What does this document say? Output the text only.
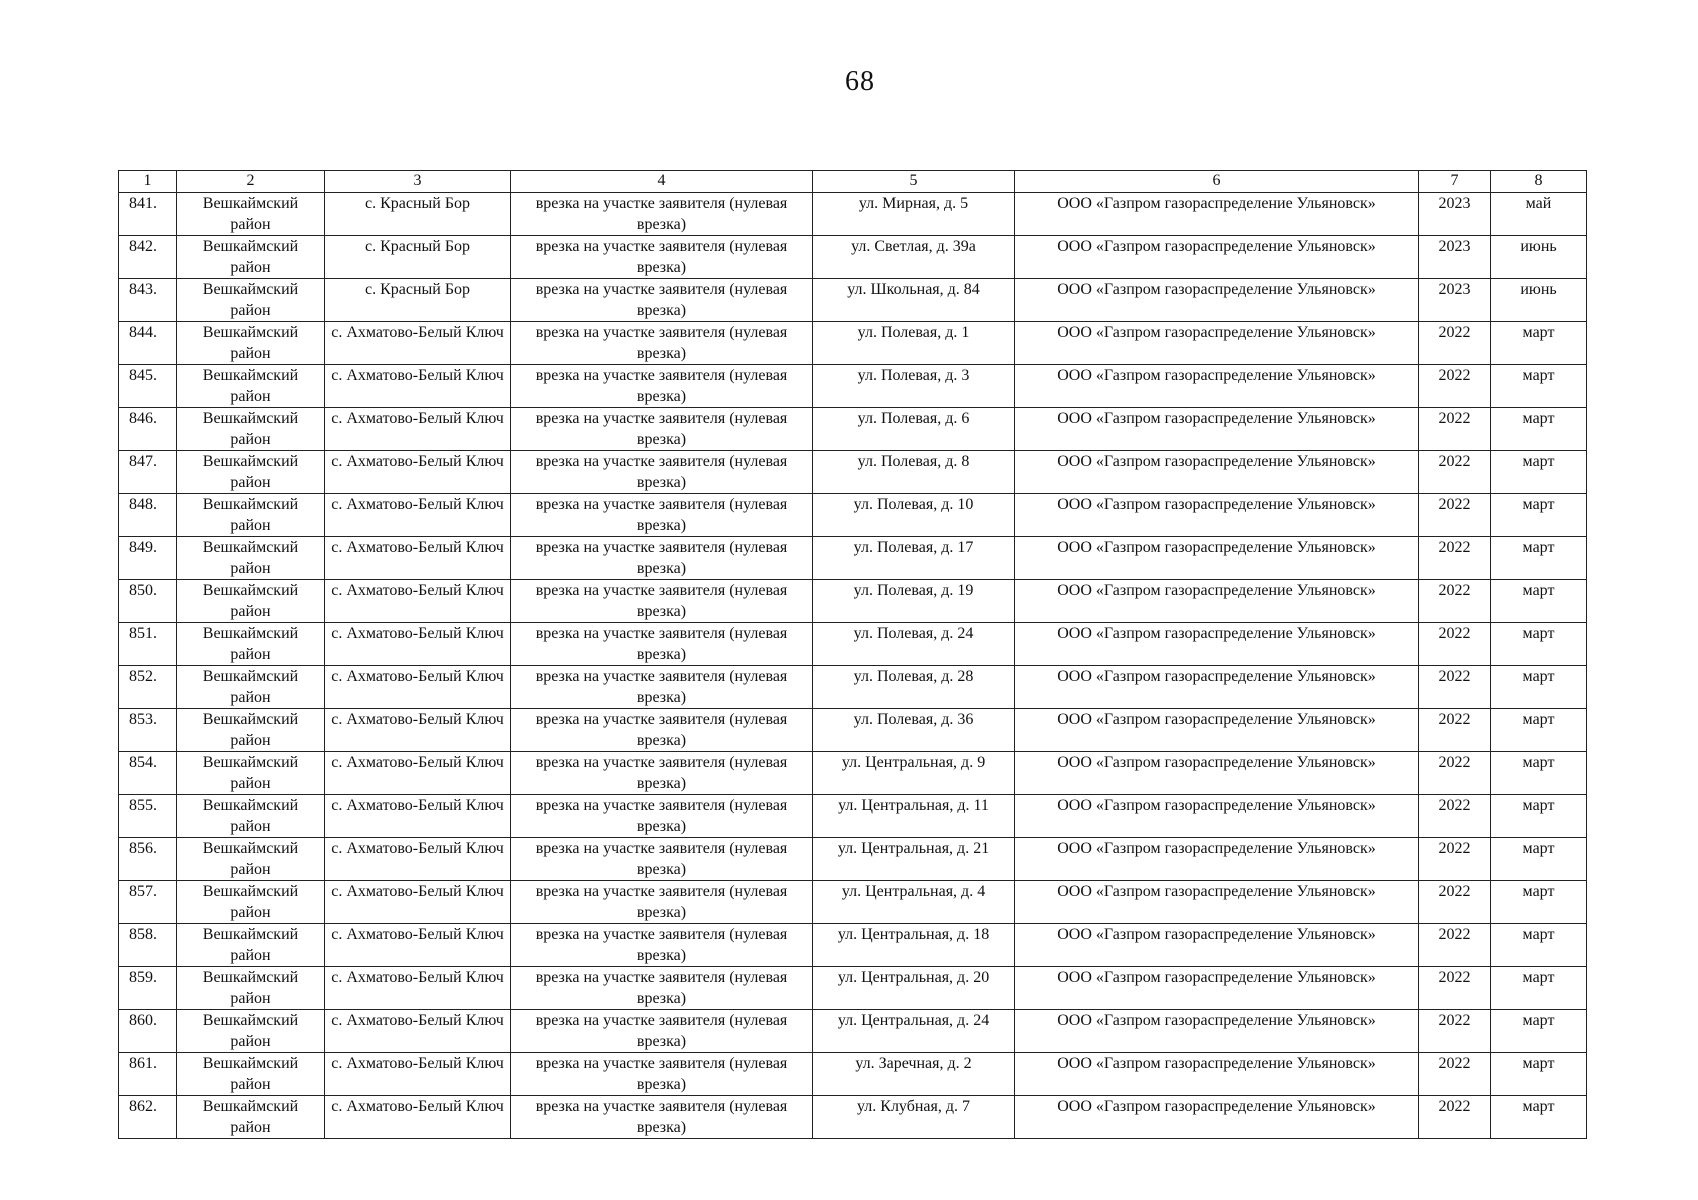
68
1	2	3	4	5	6	7	8
841.	Вешкаймский район	с. Красный Бор	врезка на участке заявителя (нулевая врезка)	ул. Мирная, д. 5	ООО «Газпром газораспределение Ульяновск»	2023	май
842.	Вешкаймский район	с. Красный Бор	врезка на участке заявителя (нулевая врезка)	ул. Светлая, д. 39а	ООО «Газпром газораспределение Ульяновск»	2023	июнь
843.	Вешкаймский район	с. Красный Бор	врезка на участке заявителя (нулевая врезка)	ул. Школьная, д. 84	ООО «Газпром газораспределение Ульяновск»	2023	июнь
844.	Вешкаймский район	с. Ахматово-Белый Ключ	врезка на участке заявителя (нулевая врезка)	ул. Полевая, д. 1	ООО «Газпром газораспределение Ульяновск»	2022	март
845.	Вешкаймский район	с. Ахматово-Белый Ключ	врезка на участке заявителя (нулевая врезка)	ул. Полевая, д. 3	ООО «Газпром газораспределение Ульяновск»	2022	март
846.	Вешкаймский район	с. Ахматово-Белый Ключ	врезка на участке заявителя (нулевая врезка)	ул. Полевая, д. 6	ООО «Газпром газораспределение Ульяновск»	2022	март
847.	Вешкаймский район	с. Ахматово-Белый Ключ	врезка на участке заявителя (нулевая врезка)	ул. Полевая, д. 8	ООО «Газпром газораспределение Ульяновск»	2022	март
848.	Вешкаймский район	с. Ахматово-Белый Ключ	врезка на участке заявителя (нулевая врезка)	ул. Полевая, д. 10	ООО «Газпром газораспределение Ульяновск»	2022	март
849.	Вешкаймский район	с. Ахматово-Белый Ключ	врезка на участке заявителя (нулевая врезка)	ул. Полевая, д. 17	ООО «Газпром газораспределение Ульяновск»	2022	март
850.	Вешкаймский район	с. Ахматово-Белый Ключ	врезка на участке заявителя (нулевая врезка)	ул. Полевая, д. 19	ООО «Газпром газораспределение Ульяновск»	2022	март
851.	Вешкаймский район	с. Ахматово-Белый Ключ	врезка на участке заявителя (нулевая врезка)	ул. Полевая, д. 24	ООО «Газпром газораспределение Ульяновск»	2022	март
852.	Вешкаймский район	с. Ахматово-Белый Ключ	врезка на участке заявителя (нулевая врезка)	ул. Полевая, д. 28	ООО «Газпром газораспределение Ульяновск»	2022	март
853.	Вешкаймский район	с. Ахматово-Белый Ключ	врезка на участке заявителя (нулевая врезка)	ул. Полевая, д. 36	ООО «Газпром газораспределение Ульяновск»	2022	март
854.	Вешкаймский район	с. Ахматово-Белый Ключ	врезка на участке заявителя (нулевая врезка)	ул. Центральная, д. 9	ООО «Газпром газораспределение Ульяновск»	2022	март
855.	Вешкаймский район	с. Ахматово-Белый Ключ	врезка на участке заявителя (нулевая врезка)	ул. Центральная, д. 11	ООО «Газпром газораспределение Ульяновск»	2022	март
856.	Вешкаймский район	с. Ахматово-Белый Ключ	врезка на участке заявителя (нулевая врезка)	ул. Центральная, д. 21	ООО «Газпром газораспределение Ульяновск»	2022	март
857.	Вешкаймский район	с. Ахматово-Белый Ключ	врезка на участке заявителя (нулевая врезка)	ул. Центральная, д. 4	ООО «Газпром газораспределение Ульяновск»	2022	март
858.	Вешкаймский район	с. Ахматово-Белый Ключ	врезка на участке заявителя (нулевая врезка)	ул. Центральная, д. 18	ООО «Газпром газораспределение Ульяновск»	2022	март
859.	Вешкаймский район	с. Ахматово-Белый Ключ	врезка на участке заявителя (нулевая врезка)	ул. Центральная, д. 20	ООО «Газпром газораспределение Ульяновск»	2022	март
860.	Вешкаймский район	с. Ахматово-Белый Ключ	врезка на участке заявителя (нулевая врезка)	ул. Центральная, д. 24	ООО «Газпром газораспределение Ульяновск»	2022	март
861.	Вешкаймский район	с. Ахматово-Белый Ключ	врезка на участке заявителя (нулевая врезка)	ул. Заречная, д. 2	ООО «Газпром газораспределение Ульяновск»	2022	март
862.	Вешкаймский район	с. Ахматово-Белый Ключ	врезка на участке заявителя (нулевая врезка)	ул. Клубная, д. 7	ООО «Газпром газораспределение Ульяновск»	2022	март
